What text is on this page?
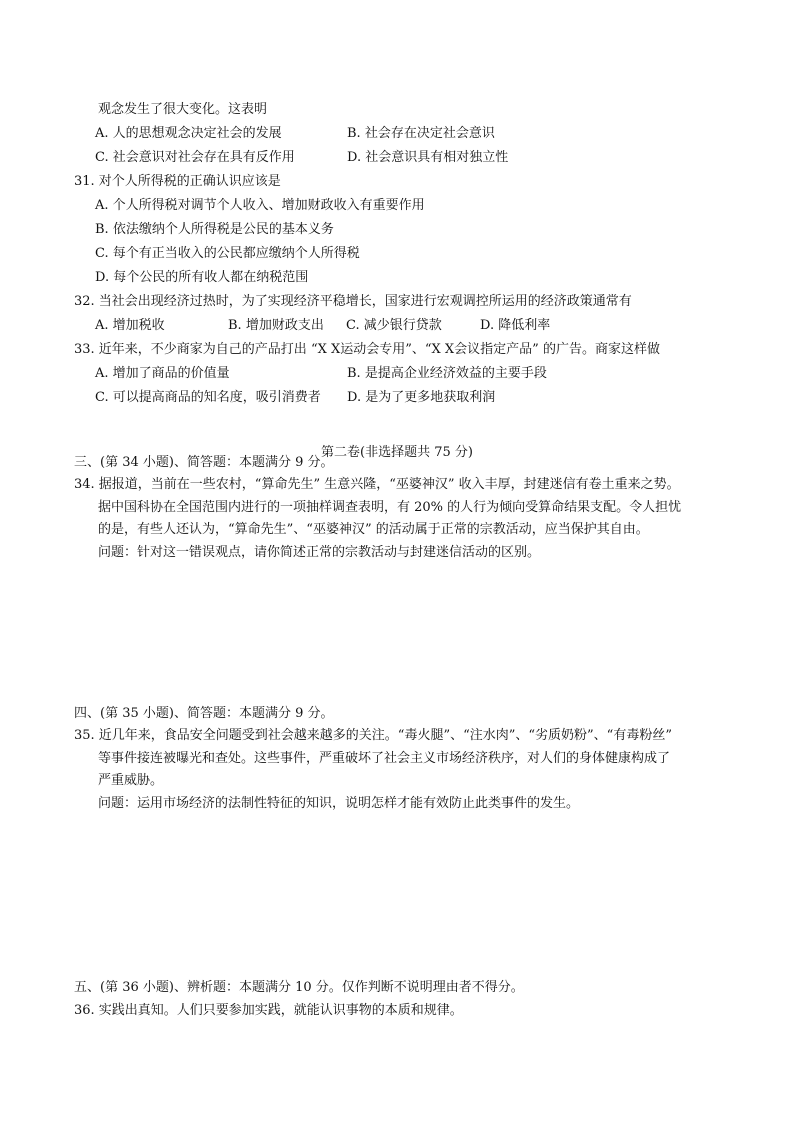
观念发生了很大变化。这表明

A. 人的思想观念决定社会的发展	B. 社会存在决定社会意识

C. 社会意识对社会存在具有反作用	D. 社会意识具有相对独立性

31. 对个人所得税的正确认识应该是

A. 个人所得税对调节个人收入、增加财政收入有重要作用

B. 依法缴纳个人所得税是公民的基本义务

C. 每个有正当收入的公民都应缴纳个人所得税

D. 每个公民的所有收人都在纳税范围

32. 当社会出现经济过热时，为了实现经济平稳增长，国家进行宏观调控所运用的经济政策通常有

A. 增加税收	B. 增加财政支出 C. 减少银行贷款	D. 降低利率

33. 近年来，不少商家为自己的产品打出 “X X运动会专用”、“X X会议指定产品” 的广告。商家这样做

A. 增加了商品的价值量	B. 是提高企业经济效益的主要手段

C. 可以提高商品的知名度，吸引消费者 D. 是为了更多地获取利润

第二卷(非选择题共 75 分)

三、(第 34 小题)、简答题：本题满分 9 分。

34. 据报道，当前在一些农村，“算命先生” 生意兴隆，“巫婆神汉” 收入丰厚，封建迷信有卷土重来之势。

据中国科协在全国范围内进行的一项抽样调查表明，有 20% 的人行为倾向受算命结果支配。令人担忧

的是，有些人还认为，“算命先生”、“巫婆神汉” 的活动属于正常的宗教活动，应当保护其自由。

问题：针对这一错误观点，请你简述正常的宗教活动与封建迷信活动的区别。

四、(第 35 小题)、简答题：本题满分 9 分。

35. 近几年来，食品安全问题受到社会越来越多的关注。“毒火腿”、“注水肉”、“劣质奶粉”、“有毒粉丝”

等事件接连被曝光和查处。这些事件，严重破坏了社会主义市场经济秩序，对人们的身体健康构成了

严重威胁。

问题：运用市场经济的法制性特征的知识，说明怎样才能有效防止此类事件的发生。

五、(第 36 小题)、辨析题：本题满分 10 分。仅作判断不说明理由者不得分。

36. 实践出真知。人们只要参加实践，就能认识事物的本质和规律。
